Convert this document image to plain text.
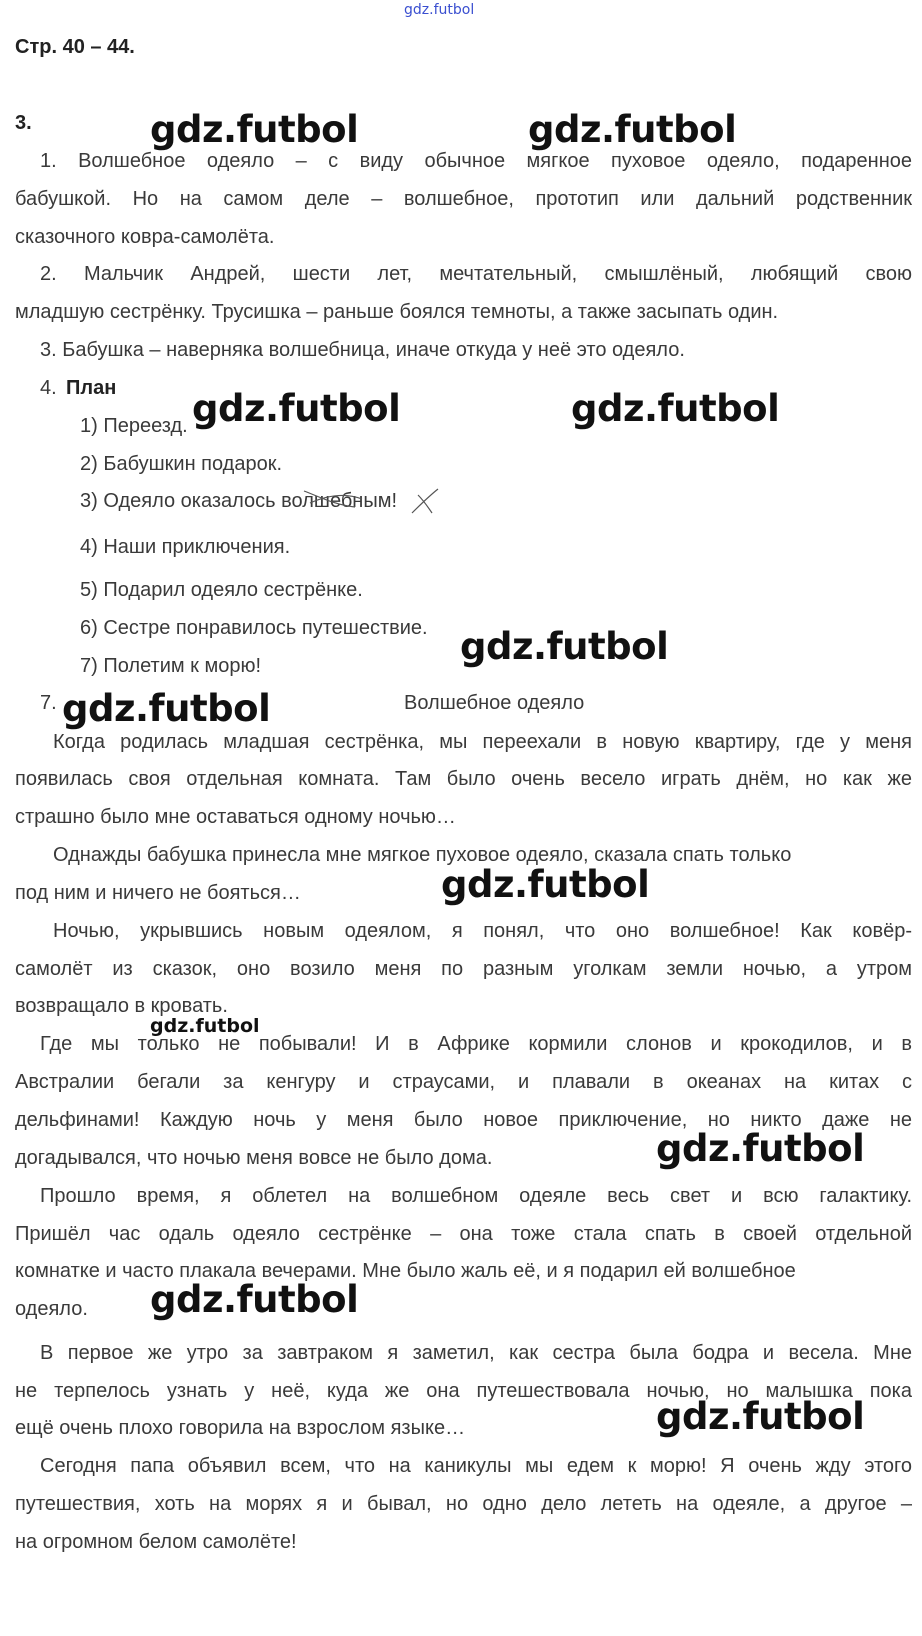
gdz.futbol
Стр. 40 – 44.
3.
1. Волшебное одеяло – с виду обычное мягкое пуховое одеяло, подаренное
бабушкой. Но на самом деле – волшебное, прототип или дальний родственник
сказочного ковра-самолёта.
2. Мальчик Андрей, шести лет, мечтательный, смышлёный, любящий свою
младшую сестрёнку. Трусишка – раньше боялся темноты, а также засыпать один.
3. Бабушка – наверняка волшебница, иначе откуда у неё это одеяло.
4. План
1) Переезд.
2) Бабушкин подарок.
3) Одеяло оказалось волшебным!
4) Наши приключения.
5) Подарил одеяло сестрёнке.
6) Сестре понравилось путешествие.
7) Полетим к морю!
7.	Волшебное одеяло
Когда родилась младшая сестрёнка, мы переехали в новую квартиру, где у меня
появилась своя отдельная комната. Там было очень весело играть днём, но как же
страшно было мне оставаться одному ночью…
Однажды бабушка принесла мне мягкое пуховое одеяло, сказала спать только
под ним и ничего не бояться…
Ночью, укрывшись новым одеялом, я понял, что оно волшебное! Как ковёр-
самолёт из сказок, оно возило меня по разным уголкам земли ночью, а утром
возвращало в кровать.
Где мы только не побывали! И в Африке кормили слонов и крокодилов, и в
Австралии бегали за кенгуру и страусами, и плавали в океанах на китах с
дельфинами! Каждую ночь у меня было новое приключение, но никто даже не
догадывался, что ночью меня вовсе не было дома.
Прошло время, я облетел на волшебном одеяле весь свет и всю галактику.
Пришёл час одаль одеяло сестрёнке – она тоже стала спать в своей отдельной
комнатке и часто плакала вечерами. Мне было жаль её, и я подарил ей волшебное
одеяло.
В первое же утро за завтраком я заметил, как сестра была бодра и весела. Мне
не терпелось узнать у неё, куда же она путешествовала ночью, но малышка пока
ещё очень плохо говорила на взрослом языке…
Сегодня папа объявил всем, что на каникулы мы едем к морю! Я очень жду этого
путешествия, хоть на морях я и бывал, но одно дело лететь на одеяле, а другое –
на огромном белом самолёте!
gdz.futbol	gdz.futbol
gdz.futbol	gdz.futbol
gdz.futbol
gdz.futbol
gdz.futbol
gdz.futbol
gdz.futbol
gdz.futbol
gdz.futbol
